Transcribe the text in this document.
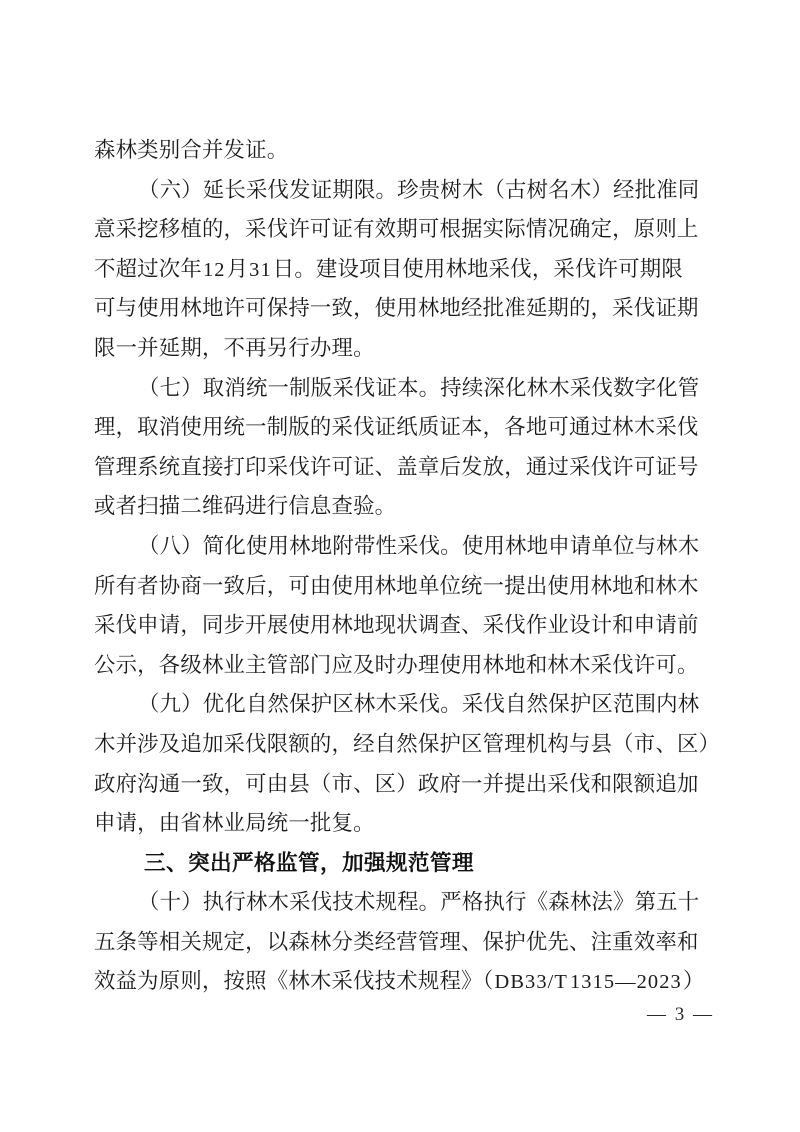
森林类别合并发证。
（六）延长采伐发证期限。珍贵树木（古树名木）经批准同
意采挖移植的，采伐许可证有效期可根据实际情况确定，原则上
不超过次年12月31日。建设项目使用林地采伐，采伐许可期限
可与使用林地许可保持一致，使用林地经批准延期的，采伐证期
限一并延期，不再另行办理。
（七）取消统一制版采伐证本。持续深化林木采伐数字化管
理，取消使用统一制版的采伐证纸质证本，各地可通过林木采伐
管理系统直接打印采伐许可证、盖章后发放，通过采伐许可证号
或者扫描二维码进行信息查验。
（八）简化使用林地附带性采伐。使用林地申请单位与林木
所有者协商一致后，可由使用林地单位统一提出使用林地和林木
采伐申请，同步开展使用林地现状调查、采伐作业设计和申请前
公示，各级林业主管部门应及时办理使用林地和林木采伐许可。
（九）优化自然保护区林木采伐。采伐自然保护区范围内林
木并涉及追加采伐限额的，经自然保护区管理机构与县（市、区）
政府沟通一致，可由县（市、区）政府一并提出采伐和限额追加
申请，由省林业局统一批复。
三、突出严格监管，加强规范管理
（十）执行林木采伐技术规程。严格执行《森林法》第五十
五条等相关规定，以森林分类经营管理、保护优先、注重效率和
效益为原则，按照《林木采伐技术规程》（DB33/T1315—2023）
— 3 —
